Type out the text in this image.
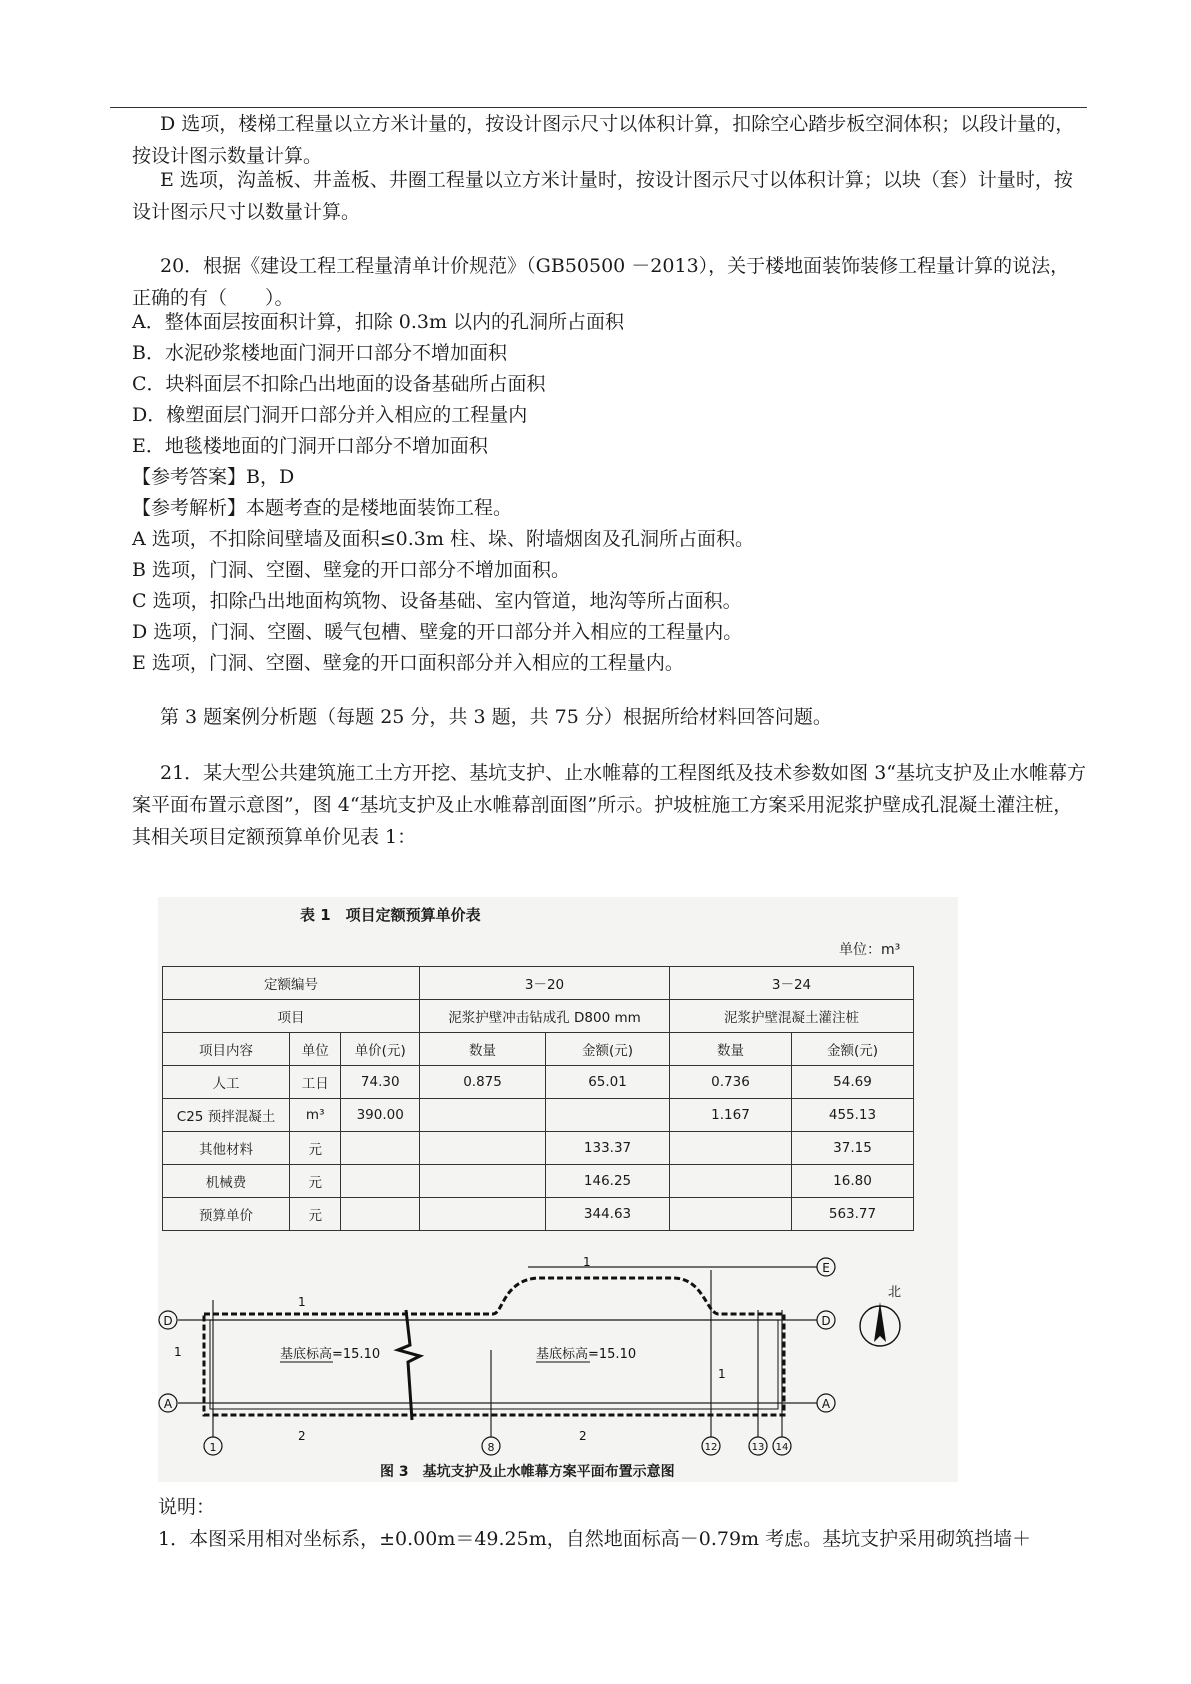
D 选项，楼梯工程量以立方米计量的，按设计图示尺寸以体积计算，扣除空心踏步板空洞体积；以段计量的，按设计图示数量计算。

E 选项，沟盖板、井盖板、井圈工程量以立方米计量时，按设计图示尺寸以体积计算；以块（套）计量时，按设计图示尺寸以数量计算。

20．根据《建设工程工程量清单计价规范》（GB50500 －2013），关于楼地面装饰装修工程量计算的说法，正确的有（　　）。

A．整体面层按面积计算，扣除 0.3m 以内的孔洞所占面积
B．水泥砂浆楼地面门洞开口部分不增加面积
C．块料面层不扣除凸出地面的设备基础所占面积
D．橡塑面层门洞开口部分并入相应的工程量内
E．地毯楼地面的门洞开口部分不增加面积
【参考答案】B，D
【参考解析】本题考查的是楼地面装饰工程。
A 选项，不扣除间壁墙及面积≤0.3m 柱、垛、附墙烟囱及孔洞所占面积。
B 选项，门洞、空圈、壁龛的开口部分不增加面积。
C 选项，扣除凸出地面构筑物、设备基础、室内管道，地沟等所占面积。
D 选项，门洞、空圈、暖气包槽、壁龛的开口部分并入相应的工程量内。
E 选项，门洞、空圈、壁龛的开口面积部分并入相应的工程量内。
第 3 题案例分析题（每题 25 分，共 3 题，共 75 分）根据所给材料回答问题。

21．某大型公共建筑施工土方开挖、基坑支护、止水帷幕的工程图纸及技术参数如图 3“基坑支护及止水帷幕方案平面布置示意图”，图 4“基坑支护及止水帷幕剖面图”所示。护坡桩施工方案采用泥浆护壁成孔混凝土灌注桩，其相关项目定额预算单价见表 1：

表 1　项目定额预算单价表
单位：m³
定额编号			3－20		3－24	
项目			泥浆护壁冲击钻成孔 D800 mm		泥浆护壁混凝土灌注桩	
项目内容	单位	单价(元)	数量	金额(元)	数量	金额(元)
人工	工日	74.30	0.875	65.01	0.736	54.69
C25 预拌混凝土	m³	390.00			1.167	455.13
其他材料	元			133.37		37.15
机械费	元			146.25		16.80
预算单价	元			344.63		563.77
基底标高=15.10	基底标高=15.10
1
2	2
1
1
1
D	D
A	A
E
1	8	12	13 14
北
图 3　基坑支护及止水帷幕方案平面布置示意图
说明：
1．本图采用相对坐标系，±0.00m＝49.25m，自然地面标高－0.79m 考虑。基坑支护采用砌筑挡墙＋
